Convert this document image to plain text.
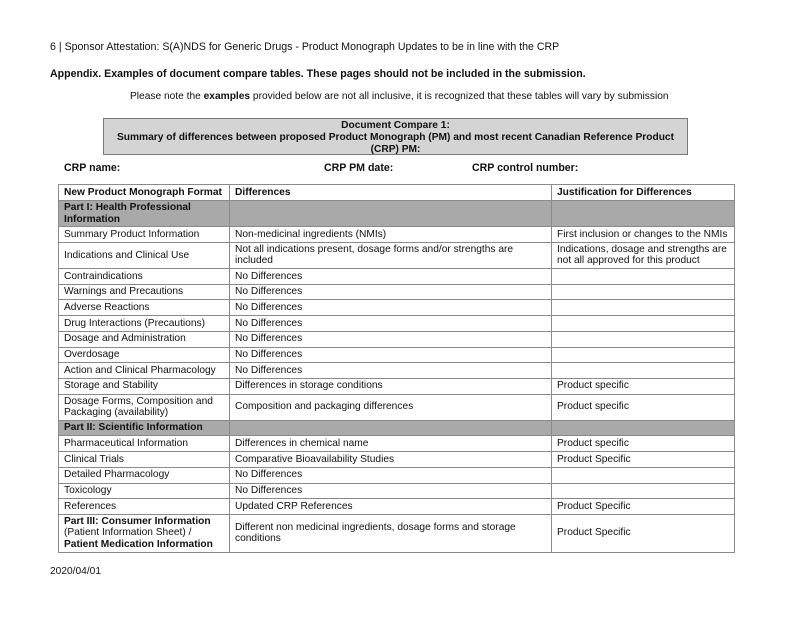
6 | Sponsor Attestation: S(A)NDS for Generic Drugs - Product Monograph Updates to be in line with the CRP
Appendix. Examples of document compare tables. These pages should not be included in the submission.
Please note the examples provided below are not all inclusive, it is recognized that these tables will vary by submission
Document Compare 1:
Summary of differences between proposed Product Monograph (PM) and most recent Canadian Reference Product
(CRP) PM:
CRP name:	CRP PM date:	CRP control number:
New Product Monograph Format	Differences	Justification for Differences
Part I: Health Professional Information		
Summary Product Information	Non-medicinal ingredients (NMIs)	First inclusion or changes to the NMIs
Indications and Clinical Use	Not all indications present, dosage forms and/or strengths are included	Indications, dosage and strengths are not all approved for this product
Contraindications	No Differences	
Warnings and Precautions	No Differences	
Adverse Reactions	No Differences	
Drug Interactions (Precautions)	No Differences	
Dosage and Administration	No Differences	
Overdosage	No Differences	
Action and Clinical Pharmacology	No Differences	
Storage and Stability	Differences in storage conditions	Product specific
Dosage Forms, Composition and Packaging (availability)	Composition and packaging differences	Product specific
Part II: Scientific Information		
Pharmaceutical Information	Differences in chemical name	Product specific
Clinical Trials	Comparative Bioavailability Studies	Product Specific
Detailed Pharmacology	No Differences	
Toxicology	No Differences	
References	Updated CRP References	Product Specific

Part III: Consumer Information
(Patient Information Sheet) /
Patient Medication Information	Different non medicinal ingredients, dosage forms and storage conditions	Product Specific
2020/04/01
